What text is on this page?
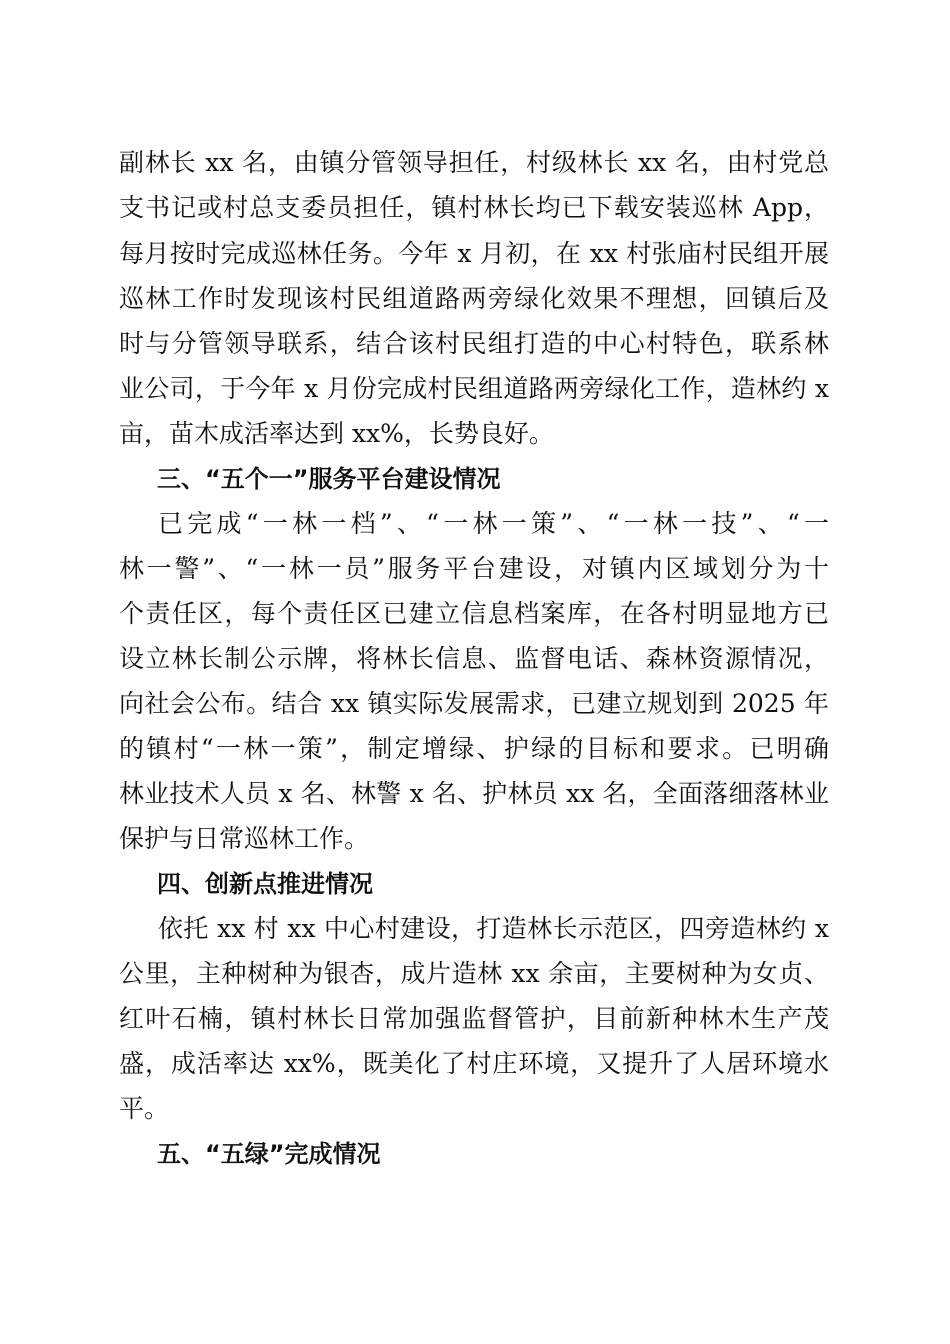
副林长 xx 名，由镇分管领导担任，村级林长 xx 名，由村党总
支书记或村总支委员担任，镇村林长均已下载安装巡林 App，
每月按时完成巡林任务。今年 x 月初，在 xx 村张庙村民组开展
巡林工作时发现该村民组道路两旁绿化效果不理想，回镇后及
时与分管领导联系，结合该村民组打造的中心村特色，联系林
业公司，于今年 x 月份完成村民组道路两旁绿化工作，造林约 x
亩，苗木成活率达到 xx%，长势良好。
三、“五个一”服务平台建设情况
已完成“一林一档”、“一林一策”、“一林一技”、“一
林一警”、“一林一员”服务平台建设，对镇内区域划分为十
个责任区，每个责任区已建立信息档案库，在各村明显地方已
设立林长制公示牌，将林长信息、监督电话、森林资源情况，
向社会公布。结合 xx 镇实际发展需求，已建立规划到 2025 年
的镇村“一林一策”，制定增绿、护绿的目标和要求。已明确
林业技术人员 x 名、林警 x 名、护林员 xx 名，全面落细落林业
保护与日常巡林工作。
四、创新点推进情况
依托 xx 村 xx 中心村建设，打造林长示范区，四旁造林约 x
公里，主种树种为银杏，成片造林 xx 余亩，主要树种为女贞、
红叶石楠，镇村林长日常加强监督管护，目前新种林木生产茂
盛，成活率达 xx%，既美化了村庄环境，又提升了人居环境水
平。
五、“五绿”完成情况
